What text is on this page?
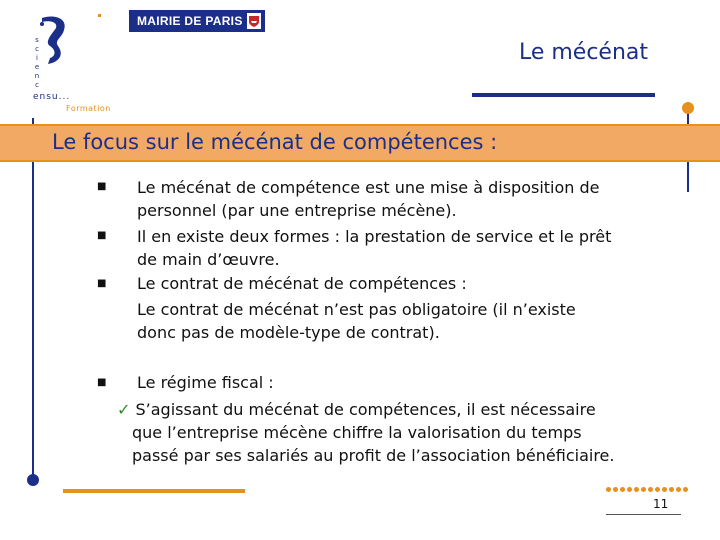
s
c
i
e
n
c
ensu...
Formation
MAIRIE DE PARIS
Le mécénat
Le focus sur le mécénat de compétences :
■ Le mécénat de compétence est une mise à disposition de
personnel (par une entreprise mécène).
■ Il en existe deux formes : la prestation de service et le prêt
de main d’œuvre.
■ Le contrat de mécénat de compétences :
Le contrat de mécénat n’est pas obligatoire (il n’existe
donc pas de modèle-type de contrat).
■ Le régime fiscal :
✓ S’agissant du mécénat de compétences, il est nécessaire
que l’entreprise mécène chiffre la valorisation du temps
passé par ses salariés au profit de l’association bénéficiaire.
11
